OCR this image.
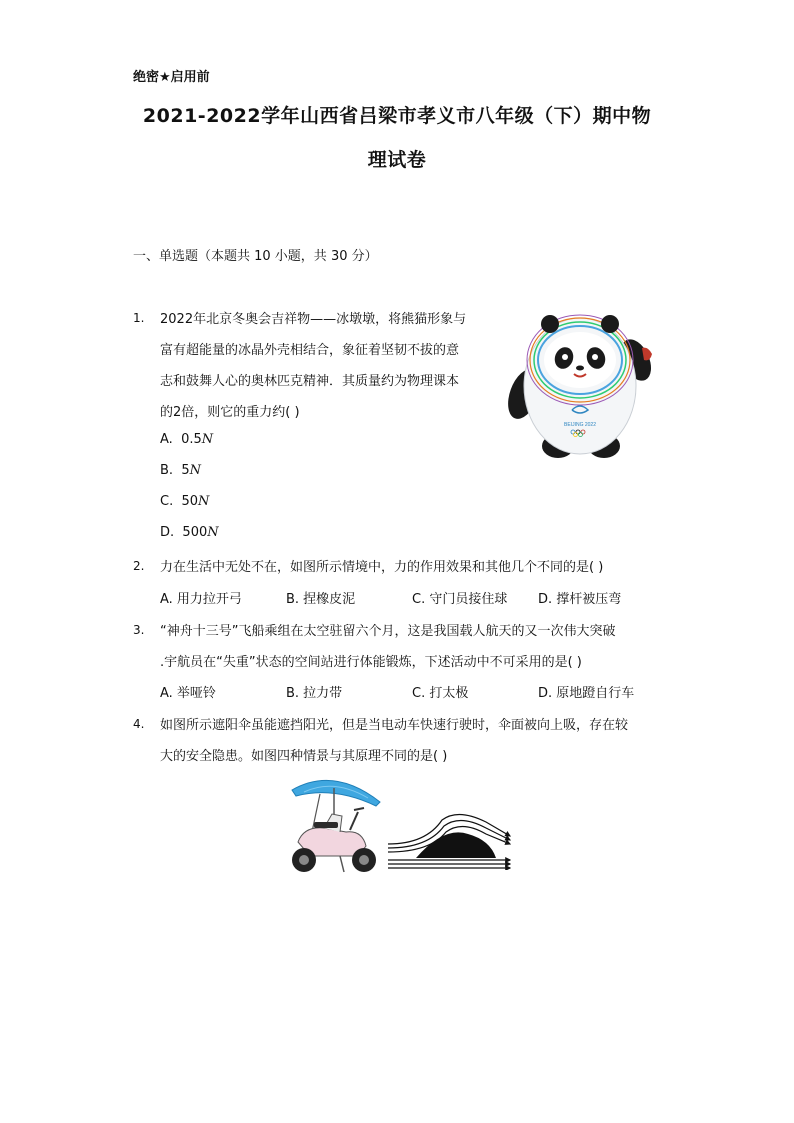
绝密★启用前
2021-2022学年山西省吕梁市孝义市八年级（下）期中物
理试卷
一、单选题（本题共 10 小题，共 30 分）
1. 2022年北京冬奥会吉祥物——冰墩墩，将熊猫形象与
富有超能量的冰晶外壳相结合，象征着坚韧不拔的意
志和鼓舞人心的奥林匹克精神．其质量约为物理课本
的2倍，则它的重力约( )
A. 0.5N
B. 5N
C. 50N
D. 500N
BEIJING 2022
2. 力在生活中无处不在，如图所示情境中，力的作用效果和其他几个不同的是( )
A. 用力拉开弓	B. 捏橡皮泥	C. 守门员接住球 D. 撑杆被压弯
3. “神舟十三号”飞船乘组在太空驻留六个月，这是我国载人航天的又一次伟大突破
.宇航员在“失重”状态的空间站进行体能锻炼，下述活动中不可采用的是( )
A. 举哑铃	B. 拉力带	C. 打太极	D. 原地蹬自行车
4. 如图所示遮阳伞虽能遮挡阳光，但是当电动车快速行驶时，伞面被向上吸，存在较
大的安全隐患。如图四种情景与其原理不同的是( )
